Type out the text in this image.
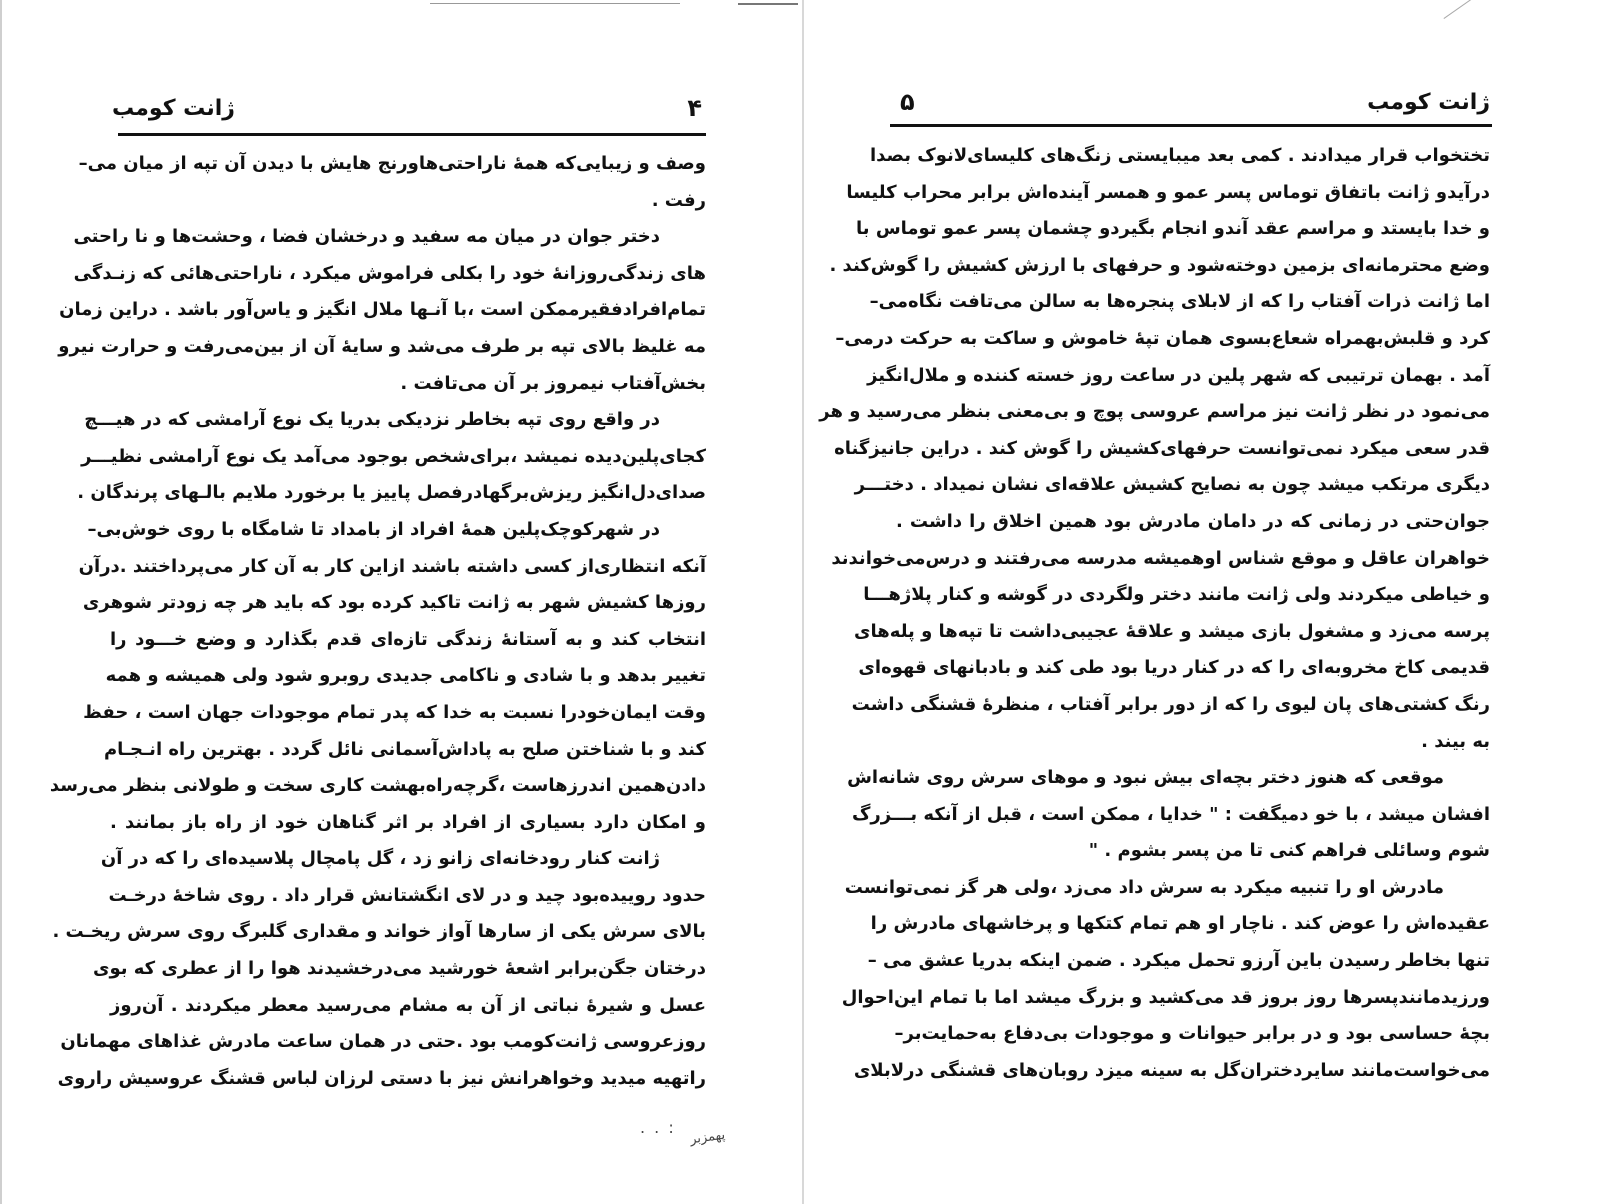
ژانت کومب	۴
وصف و زیبایی‌که همه‌ٔ ناراحتی‌هاورنج هایش با دیدن آن تپه از میان می‌–
رفت .
دختر جوان در میان مه سفید و درخشان فضا ، وحشت‌ها و نا راحتی
های زندگی‌روزانهٔ خود را بکلی فراموش میکرد ، ناراحتی‌هائی که زنـدگی
تمام‌افرادفقیرممکن است ،با آنـها ملال انگیز و یاس‌آور باشد . دراین زمان
مه غلیظ بالای تپه بر طرف می‌شد و سایهٔ آن از بین‌می‌رفت و حرارت نیرو
بخش‌آفتاب نیمروز بر آن می‌تافت .
در واقع روی تپه بخاطر نزدیکی بدریا یک نوع آرامشی که در هیـــچ
کجای‌پلین‌دیده نمیشد ،برای‌شخص بوجود می‌آمد یک نوع آرامشی نظیـــر
صدای‌دل‌انگیز ریزش‌برگهادرفصل پاییز یا برخورد ملایم بالـهای پرندگان .
در شهرکوچک‌پلین همهٔ افراد از بامداد تا شامگاه با روی خوش‌بی–
آنکه انتظاری‌از کسی داشته باشند ازاین کار به آن کار می‌پرداختند .درآن
روزها کشیش شهر به ژانت تاکید کرده بود که باید هر چه زودتر شوهری
انتخاب کند و به آستانهٔ زندگی تازه‌ای قدم بگذارد و وضع خـــود را
تغییر بدهد و با شادی و ناکامی جدیدی روبرو شود ولی همیشه و همه
وقت ایمان‌خودرا نسبت به خدا که پدر تمام موجودات جهان است ، حفظ
کند و با شناختن صلح به پاداش‌آسمانی نائل گردد . بهترین راه انـجـام
دادن‌همین اندرزهاست ،گرچه‌راه‌بهشت کاری سخت و طولانی بنظر می‌رسد
و امکان دارد بسیاری از افراد بر اثر گناهان خود از راه باز بمانند .
ژانت کنار رودخانه‌ای زانو زد ، گل پامچال پلاسیده‌ای را که در آن
حدود روییده‌بود چید و در لای انگشتانش قرار داد . روی شاخهٔ درخـت
بالای سرش یکی از سارها آواز خواند و مقداری گلبرگ روی سرش ریخـت .
درختان جگن‌برابر اشعهٔ خورشید می‌درخشیدند هوا را از عطری که بوی
عسل و شیرهٔ نباتی از آن به مشام می‌رسید معطر میکردند . آن‌روز
روزعروسی ژانت‌کومب بود .حتی در همان ساعت مادرش غذاهای مهمانان
راتهیه میدید وخواهرانش نیز با دستی لرزان لباس قشنگ عروسیش راروی
. . :
پهمزبر
۵	ژانت کومب
تختخواب قرار میدادند . کمی بعد میبایستی زنگ‌های کلیسای‌لانوک بصدا
درآیدو ژانت باتفاق توماس پسر عمو و همسر آینده‌اش برابر محراب کلیسا
و خدا بایستد و مراسم عقد آندو انجام بگیردو چشمان پسر عمو توماس با
وضع محترمانه‌ای بزمین دوخته‌شود و حرفهای با ارزش کشیش را گوش‌کند .
اما ژانت ذرات آفتاب را که از لابلای پنجره‌ها به سالن می‌تافت نگاه‌می–
کرد و قلبش‌بهمراه شعاع‌بسوی همان تپهٔ خاموش و ساکت به حرکت درمی–
آمد . بهمان ترتیبی که شهر پلین در ساعت روز خسته کننده و ملال‌انگیز
می‌نمود در نظر ژانت نیز مراسم عروسی پوچ و بی‌معنی بنظر می‌رسید و هر
قدر سعی میکرد نمی‌توانست حرفهای‌کشیش را گوش کند . دراین جانیزگناه
دیگری مرتکب میشد چون به نصایح کشیش علاقه‌ای نشان نمیداد . دختـــر
جوان‌حتی در زمانی که در دامان مادرش بود همین اخلاق را داشت .
خواهران عاقل و موقع شناس او‌همیشه مدرسه می‌رفتند و درس‌می‌خواندند
و خیاطی میکردند ولی ژانت مانند دختر ولگردی در گوشه و کنار پلاژهـــا
پرسه می‌زد و مشغول بازی میشد و علاقهٔ عجیبی‌داشت تا تپه‌ها و پله‌های
قدیمی کاخ مخروبه‌ای را که در کنار دریا بود طی کند و بادبانهای قهوه‌ای
رنگ کشتی‌های پان لیوی را که از دور برابر آفتاب ، منظرهٔ قشنگی داشت
به بیند .
موقعی که هنوز دختر بچه‌ای بیش نبود و موهای سرش روی شانه‌اش
افشان میشد ، با خو دمیگفت : " خدایا ، ممکن است ، قبل از آنکه بـــزرگ
شوم وسائلی فراهم کنی تا من پسر بشوم . "
مادرش او را تنبیه میکرد به سرش داد می‌زد ،ولی هر گز نمی‌توانست
عقیده‌اش را عوض کند . ناچار او هم تمام کتکها و پرخاشهای مادرش را
تنها بخاطر رسیدن باین آرزو تحمل میکرد . ضمن اینکه بدریا عشق می –
ورزیدمانندپسرها روز بروز قد می‌کشید و بزرگ میشد اما با تمام این‌احوال
بچهٔ حساسی بود و در برابر حیوانات و موجودات بی‌دفاع به‌حمایت‌بر–
می‌خواست‌مانند سایردختران‌گل به سینه میزد روبان‌های قشنگی درلابلای
